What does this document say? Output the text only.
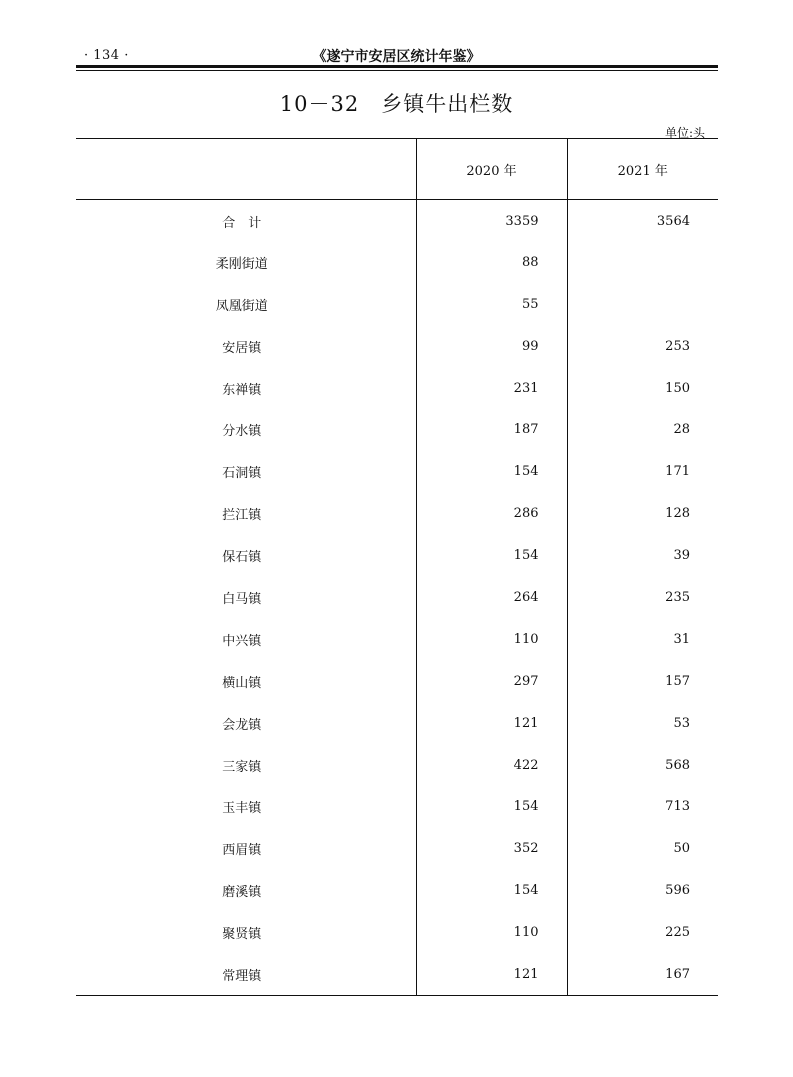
· 134 ·	《遂宁市安居区统计年鉴》
10－32 乡镇牛出栏数
单位:头
	2020 年	2021 年
合　计	3359	3564
柔刚街道	88	
凤凰街道	55	
安居镇	99	253
东禅镇	231	150
分水镇	187	28
石洞镇	154	171
拦江镇	286	128
保石镇	154	39
白马镇	264	235
中兴镇	110	31
横山镇	297	157
会龙镇	121	53
三家镇	422	568
玉丰镇	154	713
西眉镇	352	50
磨溪镇	154	596
聚贤镇	110	225
常理镇	121	167
